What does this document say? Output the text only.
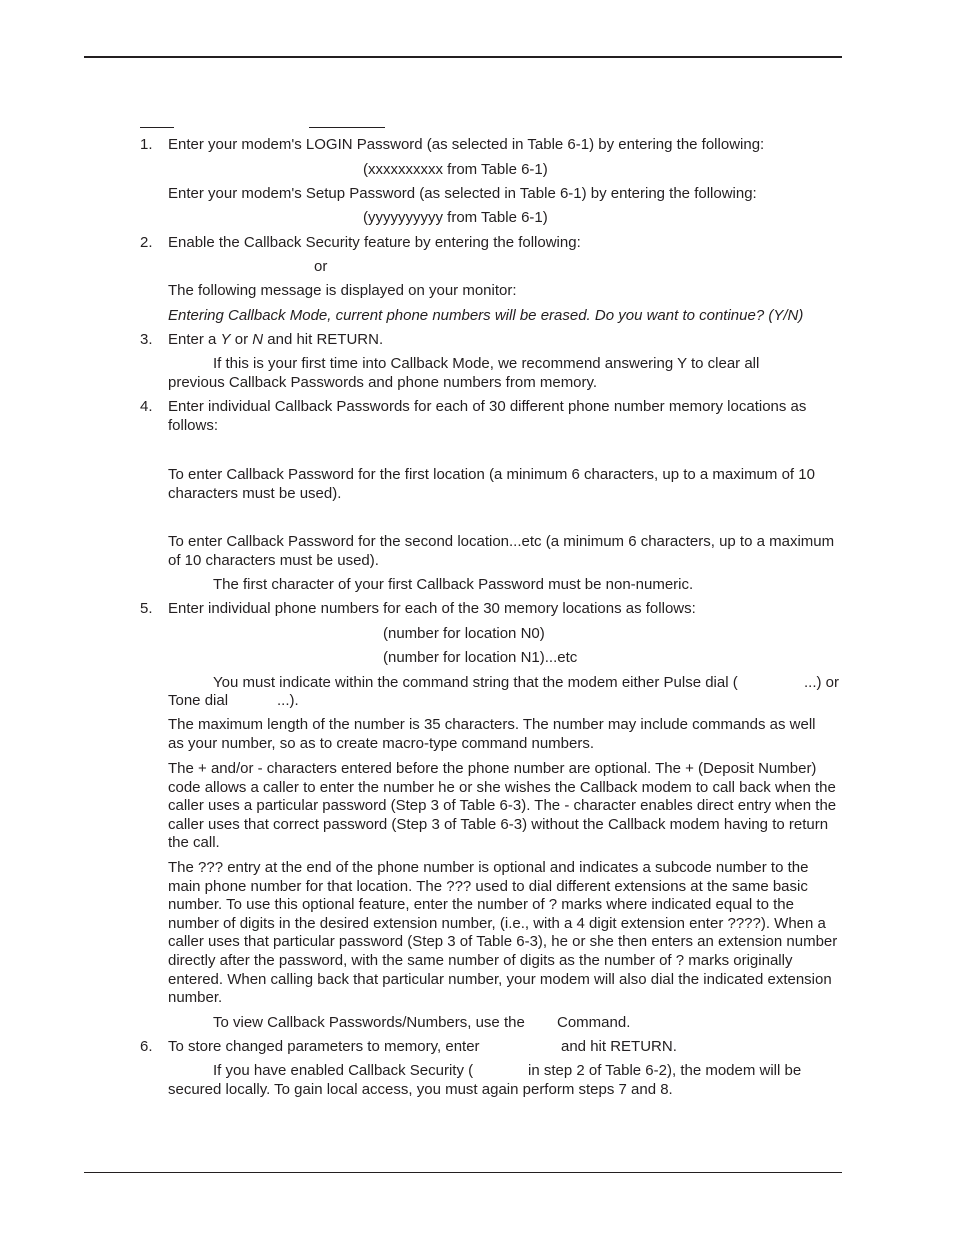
1. Enter your modem's LOGIN Password (as selected in Table 6-1) by entering the following:
(xxxxxxxxxx from Table 6-1)
Enter your modem's Setup Password (as selected in Table 6-1) by entering the following:
(yyyyyyyyyy from Table 6-1)
2. Enable the Callback Security feature by entering the following:
or
The following message is displayed on your monitor:
Entering Callback Mode, current phone numbers will be erased. Do you want to continue? (Y/N)
3. Enter a Y or N and hit RETURN.
If this is your first time into Callback Mode, we recommend answering Y to clear all previous Callback Passwords and phone numbers from memory.
4. Enter individual Callback Passwords for each of 30 different phone number memory locations as follows:
To enter Callback Password for the first location (a minimum 6 characters, up to a maximum of 10 characters must be used).
To enter Callback Password for the second location...etc (a minimum 6 characters, up to a maximum of 10 characters must be used).
The first character of your first Callback Password must be non-numeric.
5. Enter individual phone numbers for each of the 30 memory locations as follows:
(number for location N0)
(number for location N1)...etc
You must indicate within the command string that the modem either Pulse dial (	...) or
Tone dial	...).
The maximum length of the number is 35 characters. The number may include commands as well as your number, so as to create macro-type command numbers.
The + and/or - characters entered before the phone number are optional. The + (Deposit Number) code allows a caller to enter the number he or she wishes the Callback modem to call back when the caller uses a particular password (Step 3 of Table 6-3). The - character enables direct entry when the caller uses that correct password (Step 3 of Table 6-3) without the Callback modem having to return the call.
The ??? entry at the end of the phone number is optional and indicates a subcode number to the main phone number for that location. The ??? used to dial different extensions at the same basic number. To use this optional feature, enter the number of ? marks where indicated equal to the number of digits in the desired extension number, (i.e., with a 4 digit extension enter ????). When a caller uses that particular password (Step 3 of Table 6-3), he or she then enters an extension number directly after the password, with the same number of digits as the number of ? marks originally entered. When calling back that particular number, your modem will also dial the indicated extension number.
To view Callback Passwords/Numbers, use the Command.
6. To store changed parameters to memory, enter	and hit RETURN.
If you have enabled Callback Security (	in step 2 of Table 6-2), the modem will be
secured locally. To gain local access, you must again perform steps 7 and 8.
